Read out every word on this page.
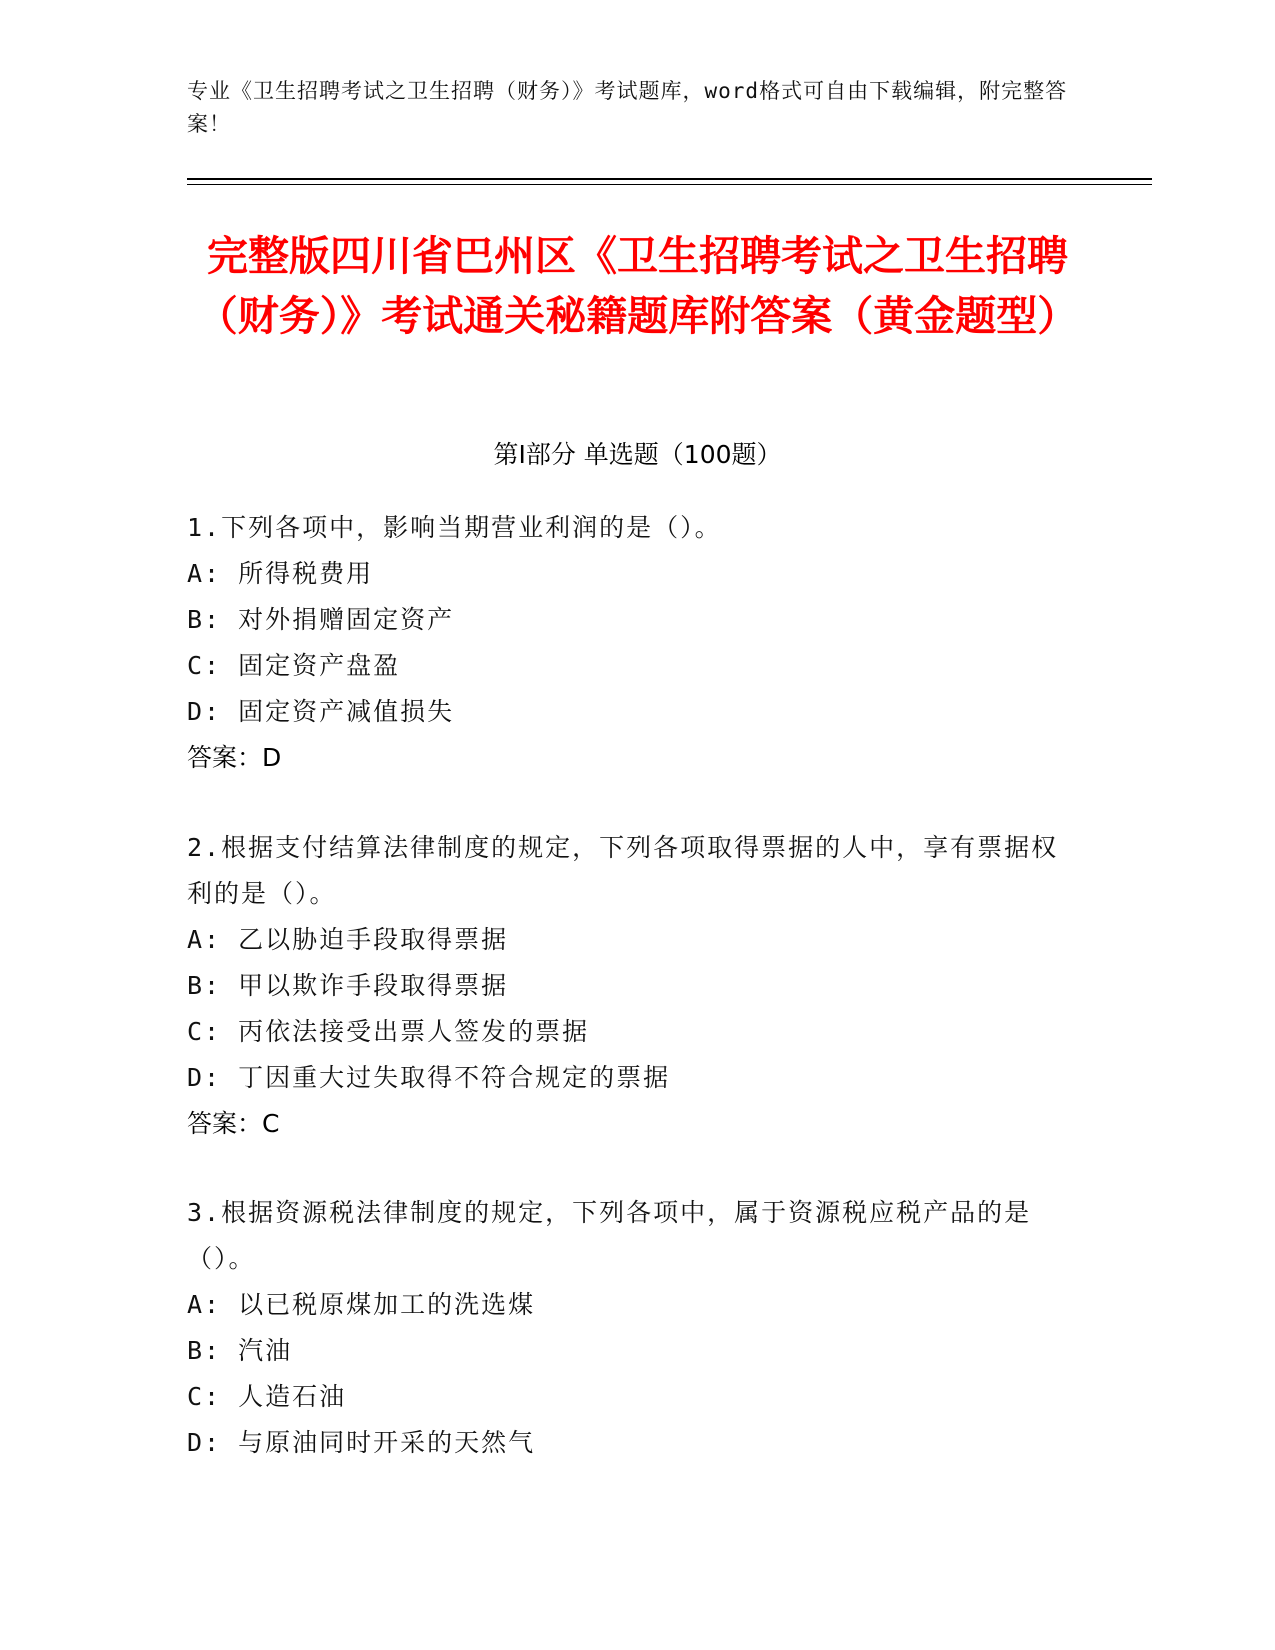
专业《卫生招聘考试之卫生招聘（财务）》考试题库，word格式可自由下载编辑，附完整答案！
完整版四川省巴州区《卫生招聘考试之卫生招聘（财务）》考试通关秘籍题库附答案（黄金题型）
第I部分 单选题（100题）

1.下列各项中，影响当期营业利润的是（）。

A: 所得税费用

B: 对外捐赠固定资产

C: 固定资产盘盈

D: 固定资产减值损失

答案：D

2.根据支付结算法律制度的规定，下列各项取得票据的人中，享有票据权利的是（）。

A: 乙以胁迫手段取得票据

B: 甲以欺诈手段取得票据

C: 丙依法接受出票人签发的票据

D: 丁因重大过失取得不符合规定的票据

答案：C

3.根据资源税法律制度的规定，下列各项中，属于资源税应税产品的是（）。

A: 以已税原煤加工的洗选煤

B: 汽油

C: 人造石油

D: 与原油同时开采的天然气
